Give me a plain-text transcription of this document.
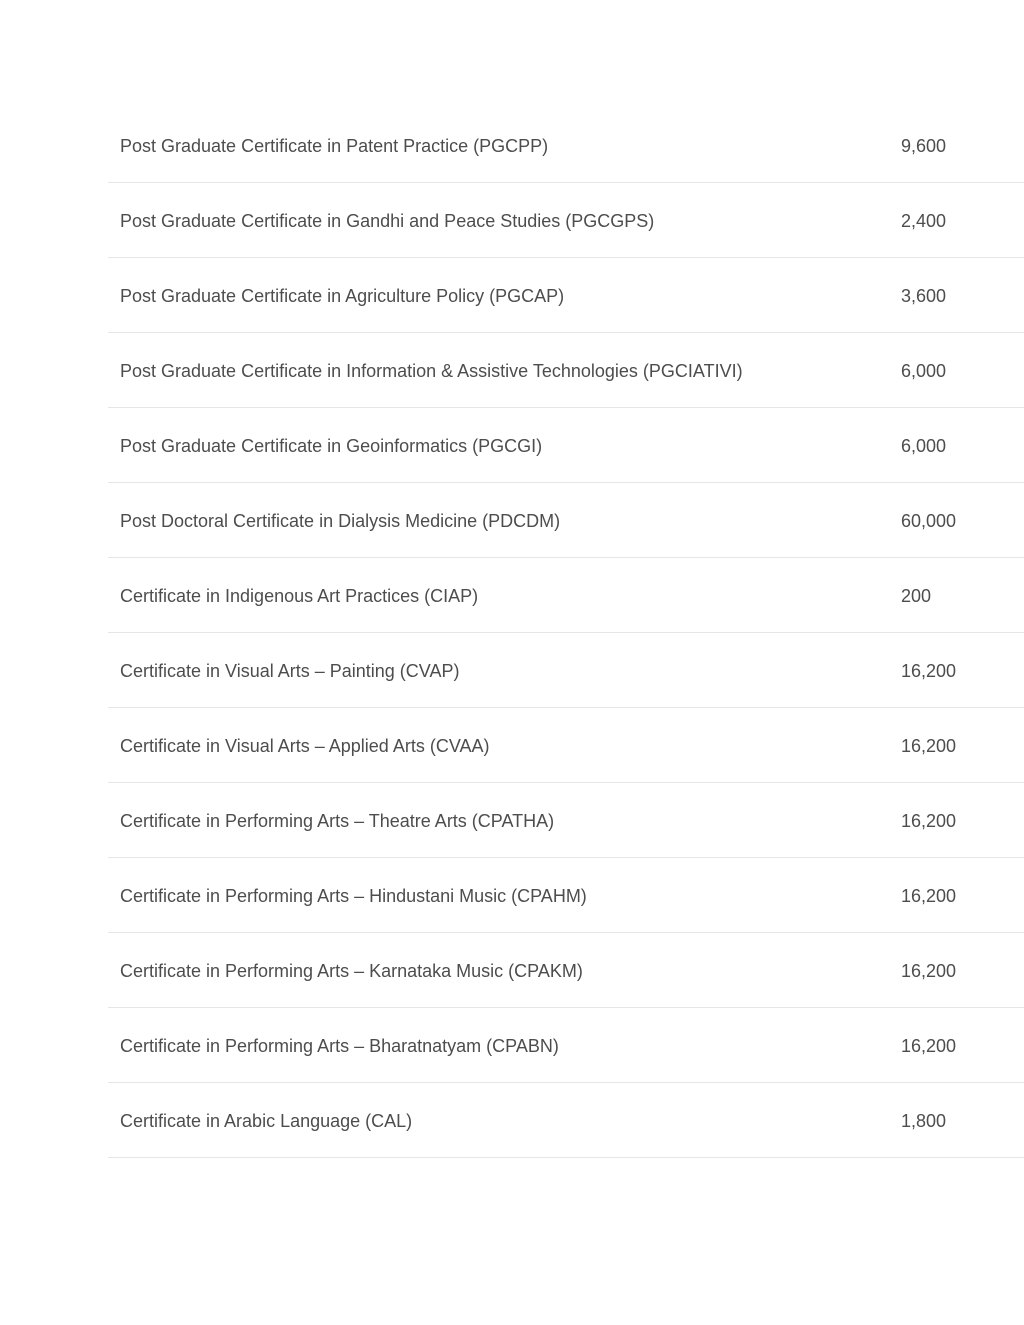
Post Graduate Certificate in Patent Practice (PGCPP)	9,600
Post Graduate Certificate in Gandhi and Peace Studies (PGCGPS)	2,400
Post Graduate Certificate in Agriculture Policy (PGCAP)	3,600
Post Graduate Certificate in Information & Assistive Technologies (PGCIATIVI)	6,000
Post Graduate Certificate in Geoinformatics (PGCGI)	6,000
Post Doctoral Certificate in Dialysis Medicine (PDCDM)	60,000
Certificate in Indigenous Art Practices (CIAP)	200
Certificate in Visual Arts – Painting (CVAP)	16,200
Certificate in Visual Arts – Applied Arts (CVAA)	16,200
Certificate in Performing Arts – Theatre Arts (CPATHA)	16,200
Certificate in Performing Arts – Hindustani Music (CPAHM)	16,200
Certificate in Performing Arts – Karnataka Music (CPAKM)	16,200
Certificate in Performing Arts – Bharatnatyam (CPABN)	16,200
Certificate in Arabic Language (CAL)	1,800
